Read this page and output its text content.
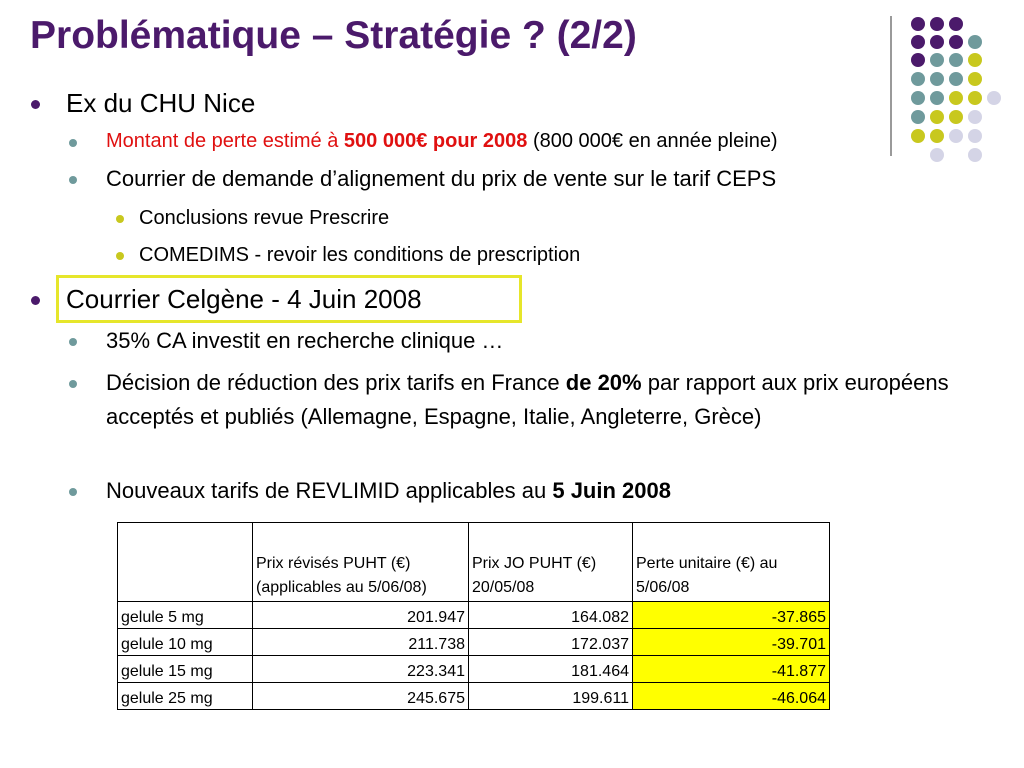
Problématique – Stratégie ? (2/2)
Ex du CHU Nice
Montant de perte estimé à 500 000€ pour 2008 (800 000€ en année pleine)
Courrier de demande d’alignement du prix de vente sur le tarif CEPS
Conclusions revue Prescrire
COMEDIMS - revoir les conditions de prescription
Courrier Celgène - 4 Juin 2008
35% CA investit en recherche clinique …
Décision de réduction des prix tarifs en France de 20% par rapport aux prix européens acceptés et publiés (Allemagne, Espagne, Italie, Angleterre, Grèce)
Nouveaux tarifs de REVLIMID applicables au 5 Juin 2008
	Prix révisés PUHT (€) (applicables au 5/06/08)	Prix JO PUHT (€) 20/05/08	Perte unitaire (€) au 5/06/08
gelule 5 mg	201.947	164.082	-37.865
gelule 10 mg	211.738	172.037	-39.701
gelule 15 mg	223.341	181.464	-41.877
gelule 25 mg	245.675	199.611	-46.064
